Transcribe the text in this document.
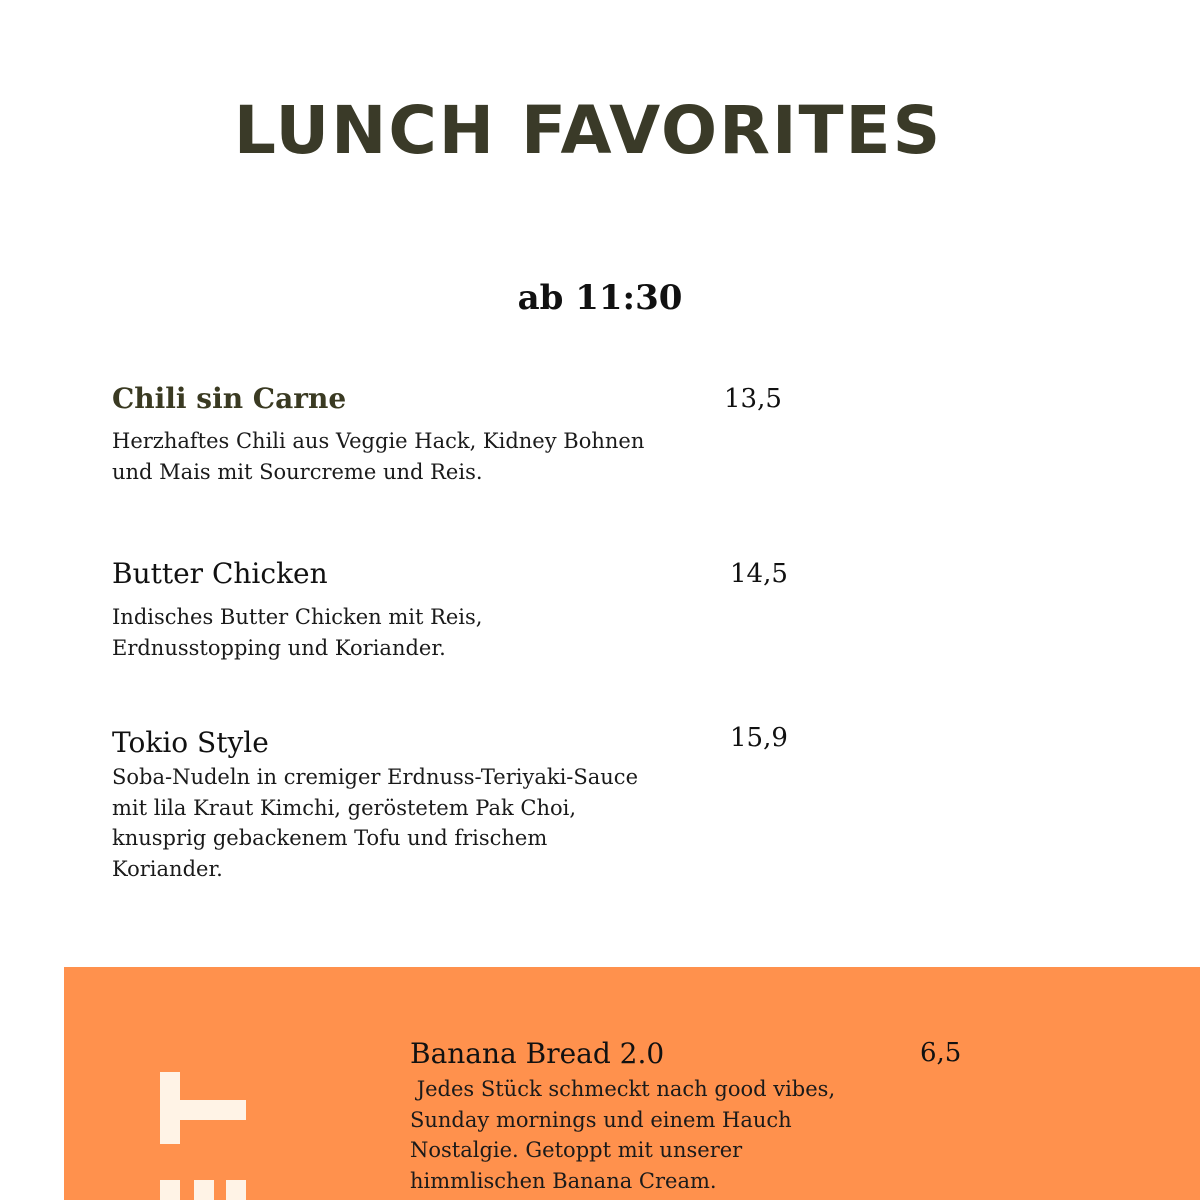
LUNCH FAVORITES
ab 11:30
Chili sin Carne	13,5

Herzhaftes Chili aus Veggie Hack, Kidney Bohnen und Mais mit Sourcreme und Reis.

Butter Chicken	14,5

Indisches Butter Chicken mit Reis, Erdnusstopping und Koriander.

Tokio Style	15,9

Soba-Nudeln in cremiger Erdnuss-Teriyaki-Sauce mit lila Kraut Kimchi, geröstetem Pak Choi, knusprig gebackenem Tofu und frischem Koriander.

Banana Bread 2.0	6,5

Jedes Stück schmeckt nach good vibes, Sunday mornings und einem Hauch Nostalgie. Getoppt mit unserer himmlischen Banana Cream.
